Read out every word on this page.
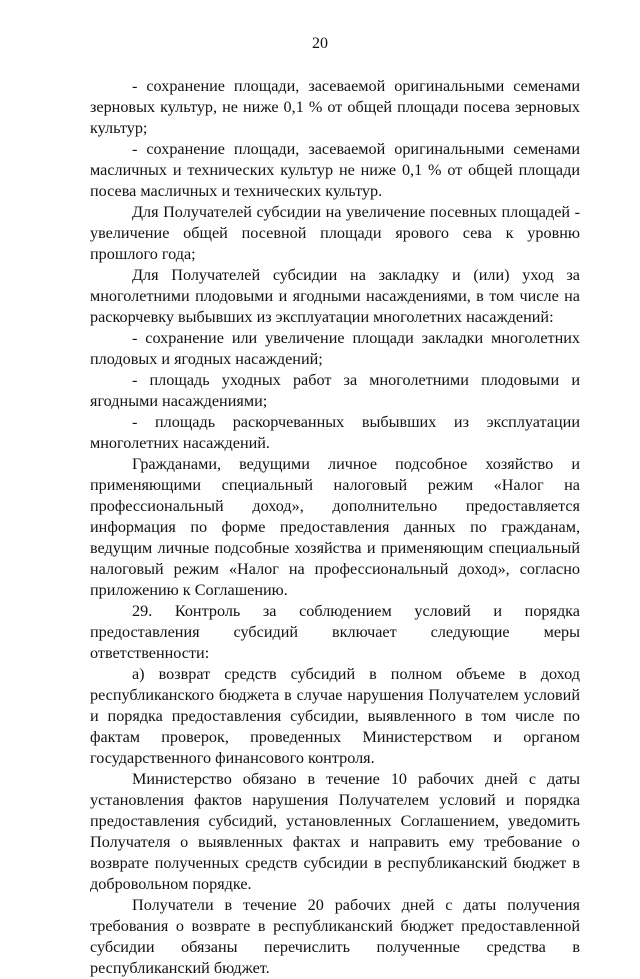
20

- сохранение площади, засеваемой оригинальными семенами зерновых культур, не ниже 0,1 % от общей площади посева зерновых культур;

- сохранение площади, засеваемой оригинальными семенами масличных и технических культур не ниже 0,1 % от общей площади посева масличных и технических культур.

Для Получателей субсидии на увеличение посевных площадей - увеличение общей посевной площади ярового сева к уровню прошлого года;

Для Получателей субсидии на закладку и (или) уход за многолетними плодовыми и ягодными насаждениями, в том числе на раскорчевку выбывших из эксплуатации многолетних насаждений:

- сохранение или увеличение площади закладки многолетних плодовых и ягодных насаждений;

- площадь уходных работ за многолетними плодовыми и ягодными насаждениями;

- площадь раскорчеванных выбывших из эксплуатации многолетних насаждений.

Гражданами, ведущими личное подсобное хозяйство и применяющими специальный налоговый режим «Налог на профессиональный доход», дополнительно предоставляется информация по форме предоставления данных по гражданам, ведущим личные подсобные хозяйства и применяющим специальный налоговый режим «Налог на профессиональный доход», согласно приложению к Соглашению.

29. Контроль за соблюдением условий и порядка предоставления субсидий включает следующие меры ответственности:

а) возврат средств субсидий в полном объеме в доход республиканского бюджета в случае нарушения Получателем условий и порядка предоставления субсидии, выявленного в том числе по фактам проверок, проведенных Министерством и органом государственного финансового контроля.

Министерство обязано в течение 10 рабочих дней с даты установления фактов нарушения Получателем условий и порядка предоставления субсидий, установленных Соглашением, уведомить Получателя о выявленных фактах и направить ему требование о возврате полученных средств субсидии в республиканский бюджет в добровольном порядке.

Получатели в течение 20 рабочих дней с даты получения требования о возврате в республиканский бюджет предоставленной субсидии обязаны перечислить полученные средства в республиканский бюджет.
